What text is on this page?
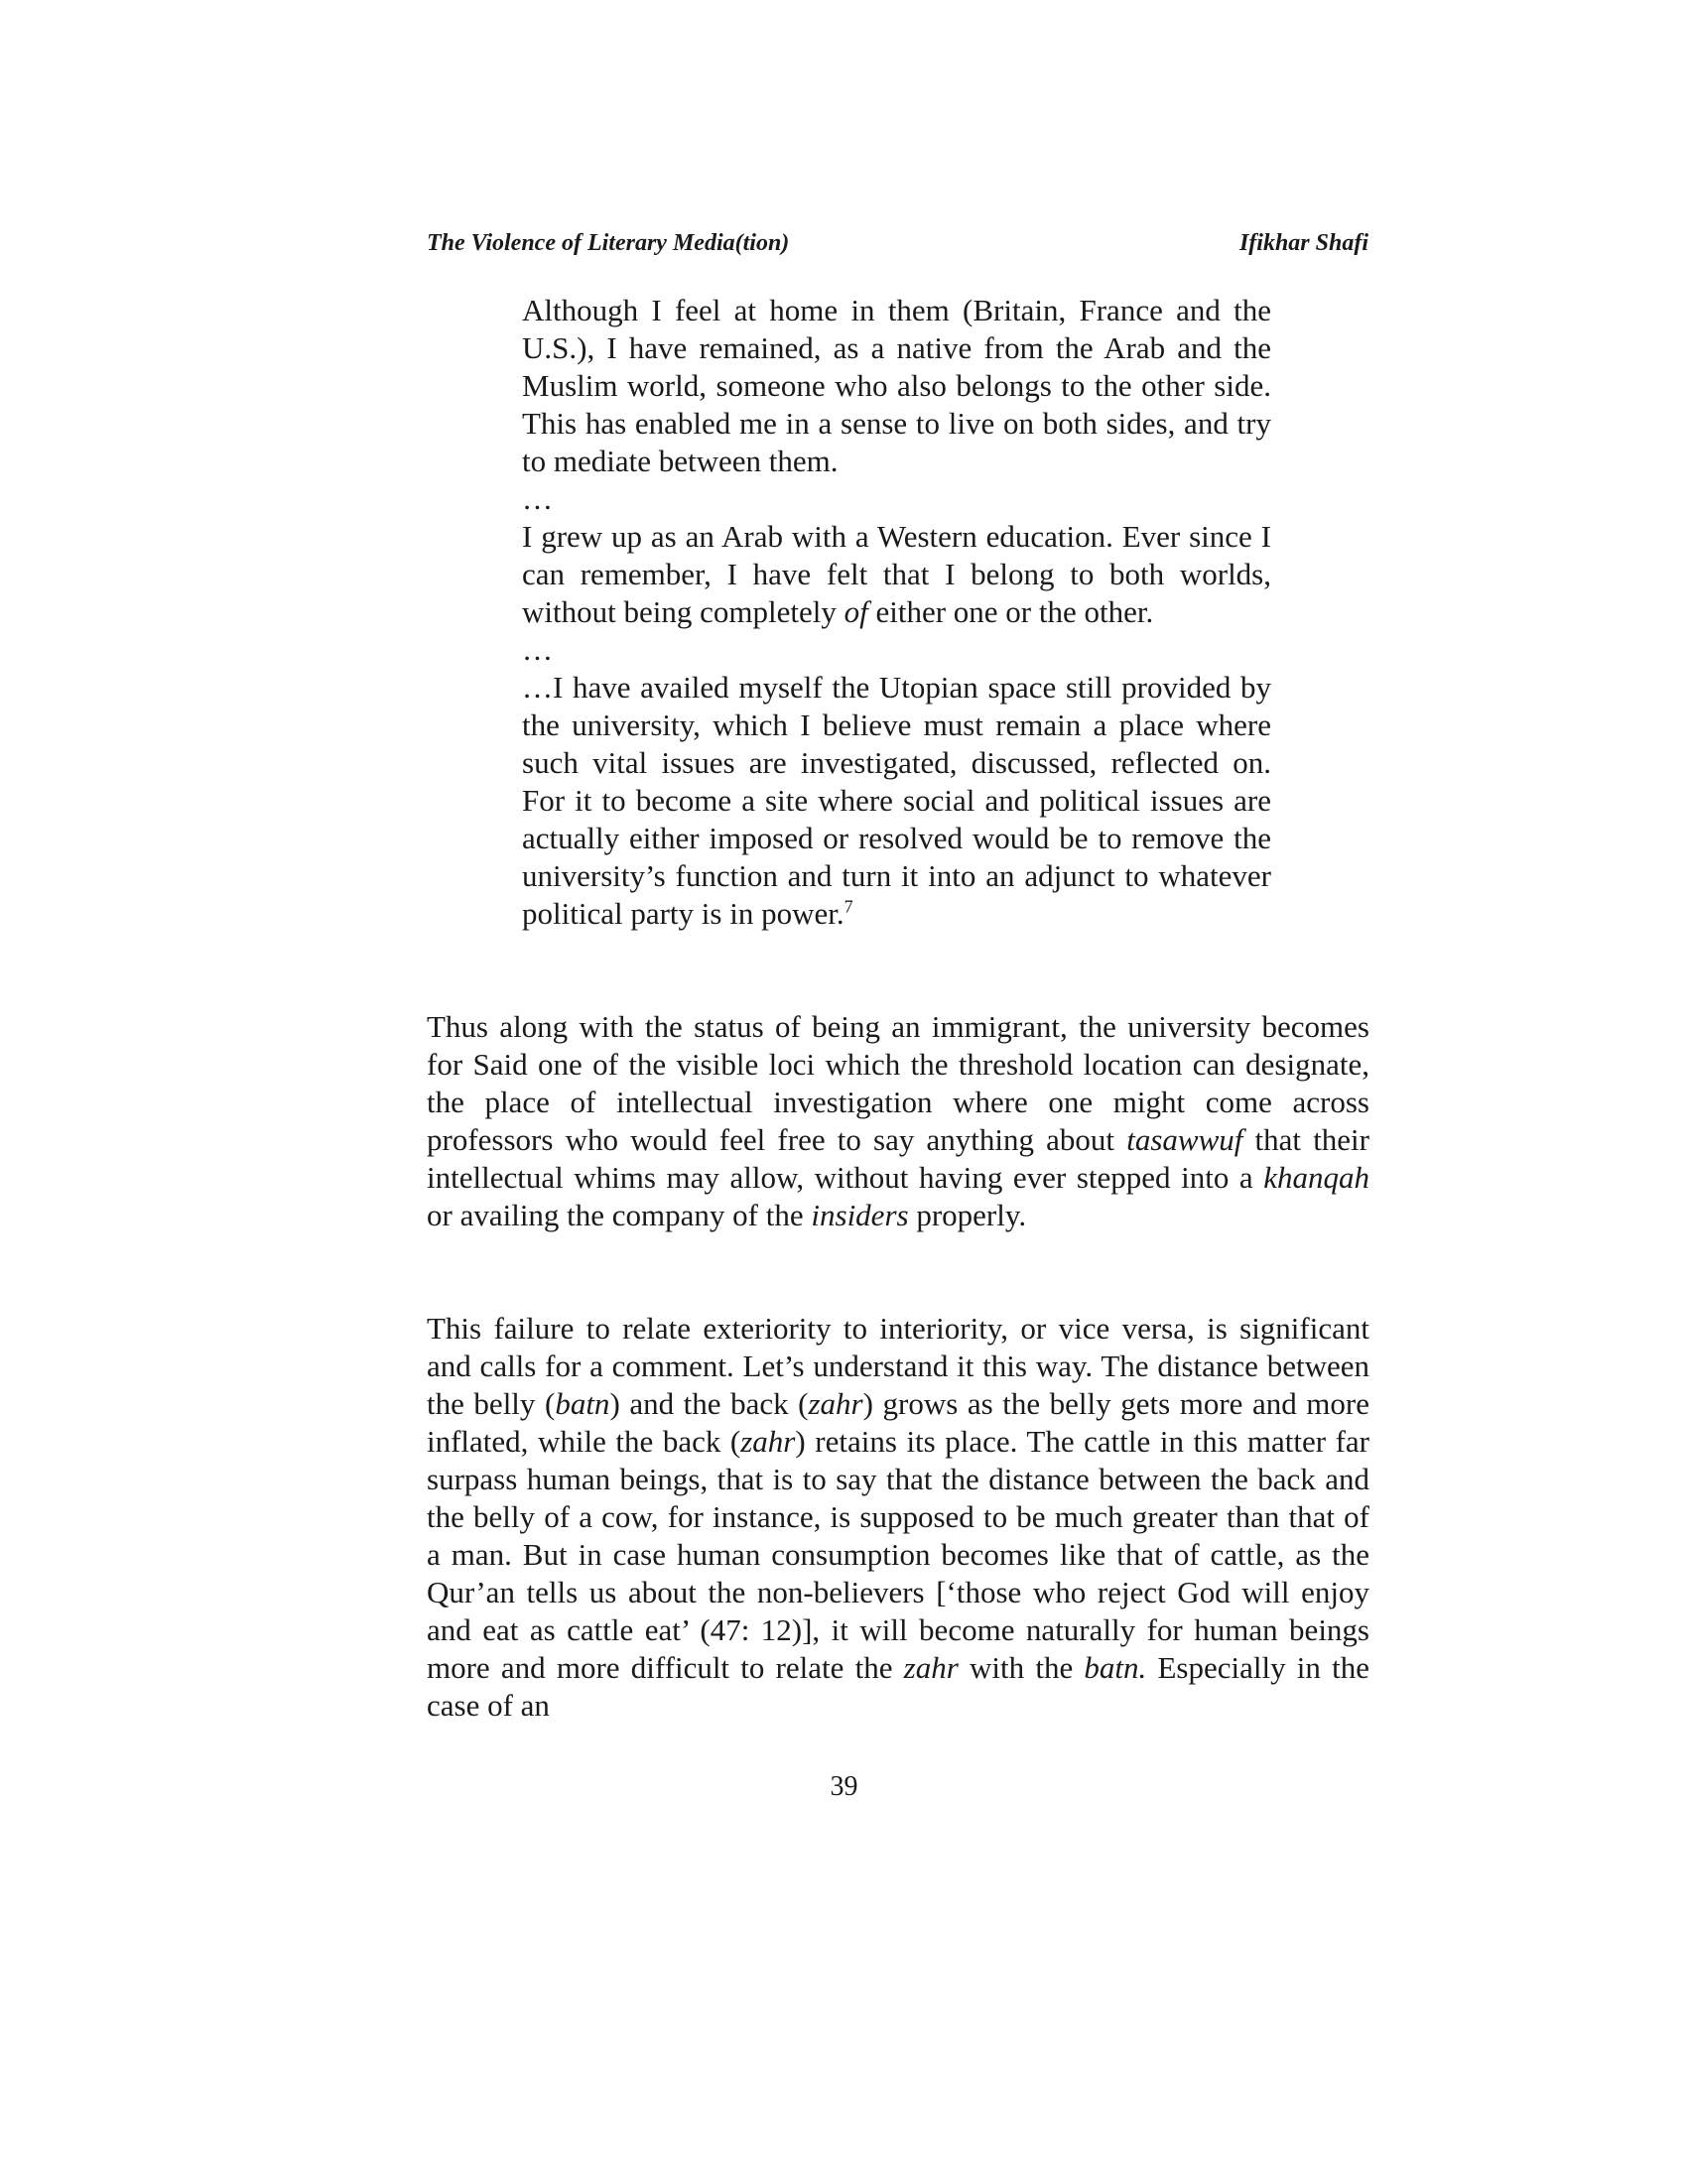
The Violence of Literary Media(tion)	Ifikhar Shafi

Although I feel at home in them (Britain, France and the U.S.), I have remained, as a native from the Arab and the Muslim world, someone who also belongs to the other side. This has enabled me in a sense to live on both sides, and try to mediate between them.

…

I grew up as an Arab with a Western education. Ever since I can remember, I have felt that I belong to both worlds, without being completely of either one or the other.

…

…I have availed myself the Utopian space still provided by the university, which I believe must remain a place where such vital issues are investigated, discussed, reflected on. For it to become a site where social and political issues are actually either imposed or resolved would be to remove the university’s function and turn it into an adjunct to whatever political party is in power.$^7$

Thus along with the status of being an immigrant, the university becomes for Said one of the visible loci which the threshold location can designate, the place of intellectual investigation where one might come across professors who would feel free to say anything about tasawwuf that their intellectual whims may allow, without having ever stepped into a khanqah or availing the company of the insiders properly.

This failure to relate exteriority to interiority, or vice versa, is significant and calls for a comment. Let’s understand it this way. The distance between the belly (batn) and the back (zahr) grows as the belly gets more and more inflated, while the back (zahr) retains its place. The cattle in this matter far surpass human beings, that is to say that the distance between the back and the belly of a cow, for instance, is supposed to be much greater than that of a man. But in case human consumption becomes like that of cattle, as the Qur’an tells us about the non-believers [‘those who reject God will enjoy and eat as cattle eat’ (47: 12)], it will become naturally for human beings more and more difficult to relate the zahr with the batn. Especially in the case of an

39
